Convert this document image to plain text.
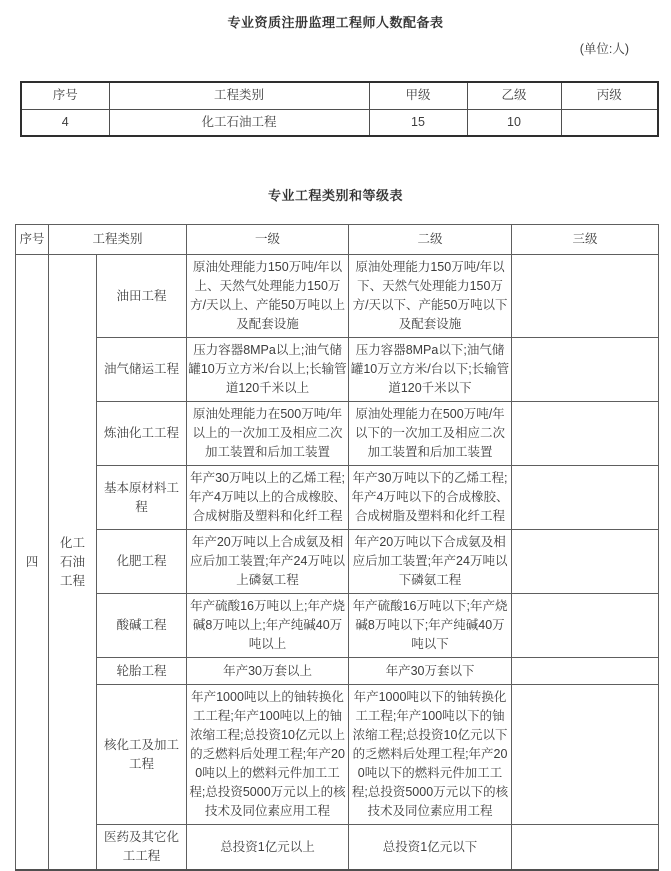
专业资质注册监理工程师人数配备表
(单位:人)
序号	工程类别	甲级	乙级	丙级
4	化工石油工程	15	10	
专业工程类别和等级表
序号	工程类别		一级	二级	三级
四	化工石油工程	油田工程	原油处理能力150万吨/年以上、天然气处理能力150万方/天以上、产能50万吨以上及配套设施	原油处理能力150万吨/年以下、天然气处理能力150万方/天以下、产能50万吨以下及配套设施	
		油气储运工程	压力容器8MPa以上;油气储罐10万立方米/台以上;长输管道120千米以上	压力容器8MPa以下;油气储罐10万立方米/台以下;长输管道120千米以下	
		炼油化工工程	原油处理能力在500万吨/年以上的一次加工及相应二次加工装置和后加工装置	原油处理能力在500万吨/年以下的一次加工及相应二次加工装置和后加工装置	
		基本原材料工程	年产30万吨以上的乙烯工程;年产4万吨以上的合成橡胶、合成树脂及塑料和化纤工程	年产30万吨以下的乙烯工程;年产4万吨以下的合成橡胶、合成树脂及塑料和化纤工程	
		化肥工程	年产20万吨以上合成氨及相应后加工装置;年产24万吨以上磷氨工程	年产20万吨以下合成氨及相应后加工装置;年产24万吨以下磷氨工程	
		酸碱工程	年产硫酸16万吨以上;年产烧碱8万吨以上;年产纯碱40万吨以上	年产硫酸16万吨以下;年产烧碱8万吨以下;年产纯碱40万吨以下	
		轮胎工程	年产30万套以上	年产30万套以下	
		核化工及加工工程	年产1000吨以上的铀转换化工工程;年产100吨以上的铀浓缩工程;总投资10亿元以上的乏燃料后处理工程;年产200吨以上的燃料元件加工工程;总投资5000万元以上的核技术及同位素应用工程	年产1000吨以下的铀转换化工工程;年产100吨以下的铀浓缩工程;总投资10亿元以下的乏燃料后处理工程;年产200吨以下的燃料元件加工工程;总投资5000万元以下的核技术及同位素应用工程	
		医药及其它化工工程	总投资1亿元以上	总投资1亿元以下	
